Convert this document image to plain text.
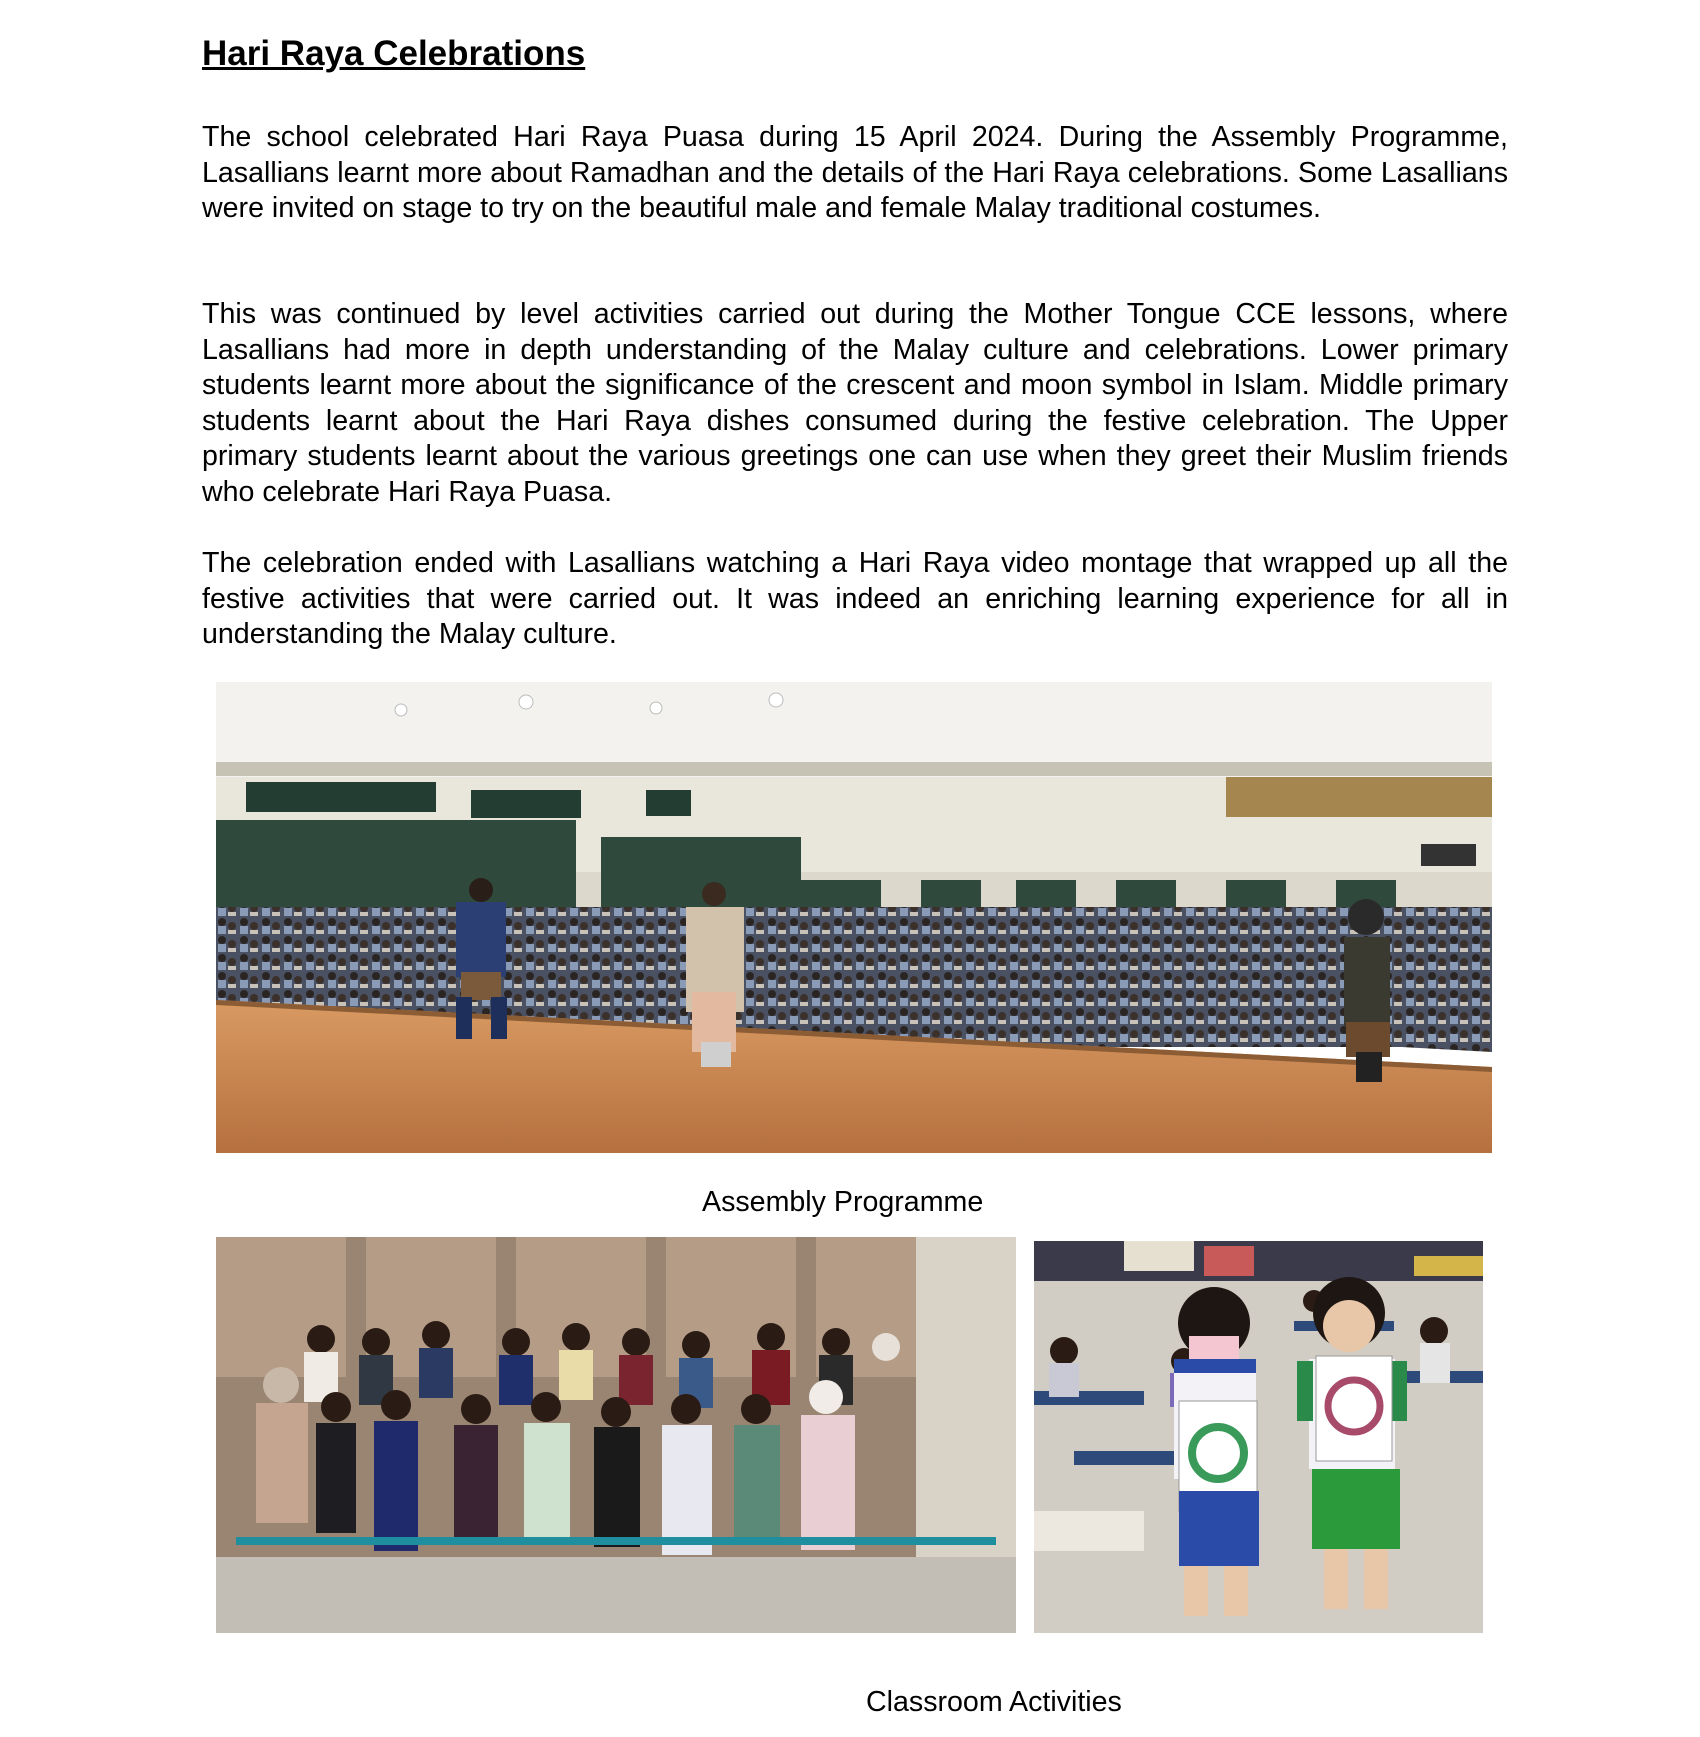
Hari Raya Celebrations

The school celebrated Hari Raya Puasa during 15 April 2024. During the Assembly Programme, Lasallians learnt more about Ramadhan and the details of the Hari Raya celebrations. Some Lasallians were invited on stage to try on the beautiful male and female Malay traditional costumes.

This was continued by level activities carried out during the Mother Tongue CCE lessons, where Lasallians had more in depth understanding of the Malay culture and celebrations. Lower primary students learnt more about the significance of the crescent and moon symbol in Islam. Middle primary students learnt about the Hari Raya dishes consumed during the festive celebration. The Upper primary students learnt about the various greetings one can use when they greet their Muslim friends who celebrate Hari Raya Puasa.

The celebration ended with Lasallians watching a Hari Raya video montage that wrapped up all the festive activities that were carried out. It was indeed an enriching learning experience for all in understanding the Malay culture.

Assembly Programme

Classroom Activities
